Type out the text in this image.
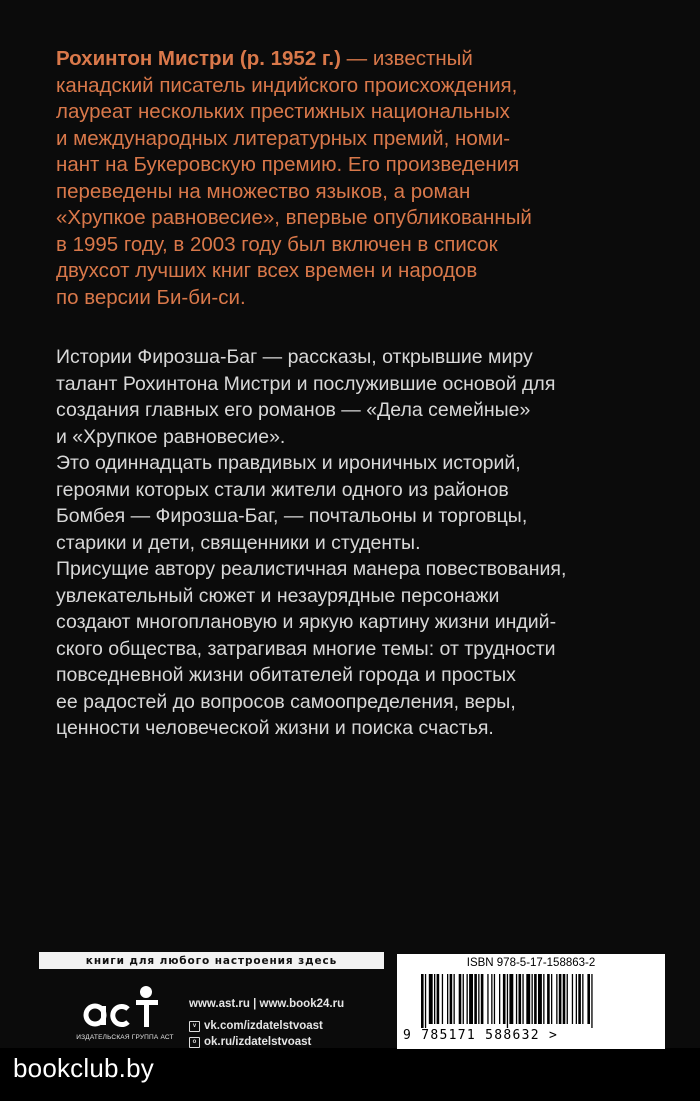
Рохинтон Мистри (р. 1952 г.) — известный
канадский писатель индийского происхождения,
лауреат нескольких престижных национальных
и международных литературных премий, номи-
нант на Букеровскую премию. Его произведения
переведены на множество языков, а роман
«Хрупкое равновесие», впервые опубликованный
в 1995 году, в 2003 году был включен в список
двухсот лучших книг всех времен и народов
по версии Би-би-си.

Истории Фирозша-Баг — рассказы, открывшие миру

талант Рохинтона Мистри и послужившие основой для

создания главных его романов — «Дела семейные»

и «Хрупкое равновесие».

Это одиннадцать правдивых и ироничных историй,

героями которых стали жители одного из районов

Бомбея — Фирозша-Баг, — почтальоны и торговцы,

старики и дети, священники и студенты.

Присущие автору реалистичная манера повествования,

увлекательный сюжет и незаурядные персонажи

создают многоплановую и яркую картину жизни индий-

ского общества, затрагивая многие темы: от трудности

повседневной жизни обитателей города и простых

ее радостей до вопросов самоопределения, веры,

ценности человеческой жизни и поиска счастья.

книги для любого настроения здесь
ИЗДАТЕЛЬСКАЯ ГРУППА АСТ
www.ast.ru | www.book24.ru
v vk.com/izdatelstvoast
o ok.ru/izdatelstvoast
ISBN 978-5-17-158863-2
9 785171 588632 >
bookclub.by
